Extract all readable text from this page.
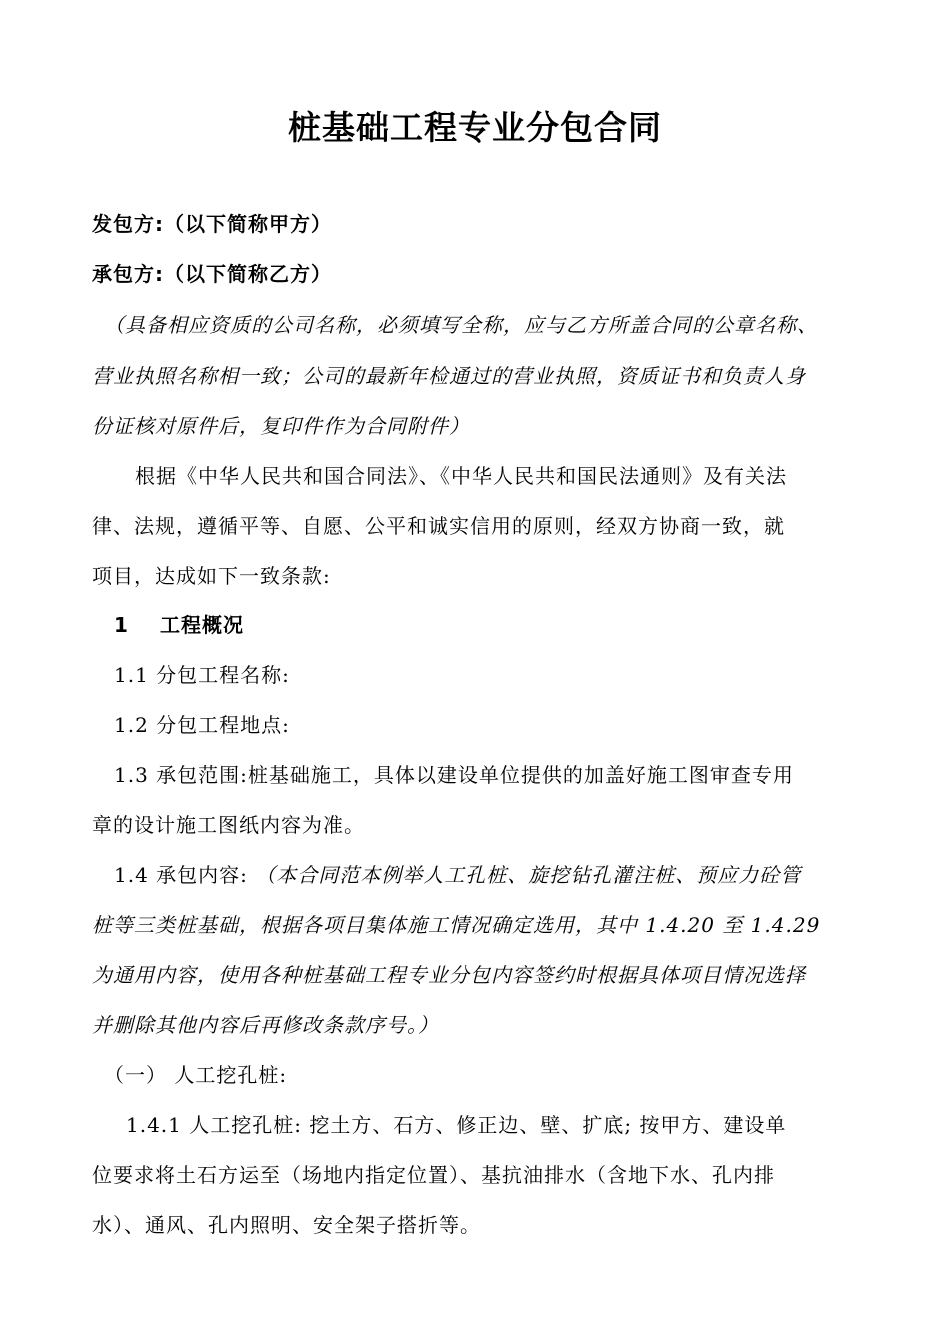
桩基础工程专业分包合同
发包方:（以下简称甲方）
承包方:（以下简称乙方）
（具备相应资质的公司名称，必须填写全称，应与乙方所盖合同的公章名称、
营业执照名称相一致；公司的最新年检通过的营业执照，资质证书和负责人身
份证核对原件后，复印件作为合同附件）
根据《中华人民共和国合同法》、《中华人民共和国民法通则》及有关法
律、法规，遵循平等、自愿、公平和诚实信用的原则，经双方协商一致，就
项目，达成如下一致条款:
1 工程概况
1.1 分包工程名称:
1.2 分包工程地点:
1.3 承包范围:桩基础施工，具体以建设单位提供的加盖好施工图审查专用
章的设计施工图纸内容为准。
1.4 承包内容: （本合同范本例举人工孔桩、旋挖钻孔灌注桩、预应力砼管
桩等三类桩基础，根据各项目集体施工情况确定选用，其中 1.4.20 至 1.4.29
为通用内容，使用各种桩基础工程专业分包内容签约时根据具体项目情况选择
并删除其他内容后再修改条款序号。）
（一） 人工挖孔桩:
1.4.1 人工挖孔桩: 挖土方、石方、修正边、壁、扩底; 按甲方、建设单
位要求将土石方运至（场地内指定位置）、基抗油排水（含地下水、孔内排
水）、通风、孔内照明、安全架子搭折等。
